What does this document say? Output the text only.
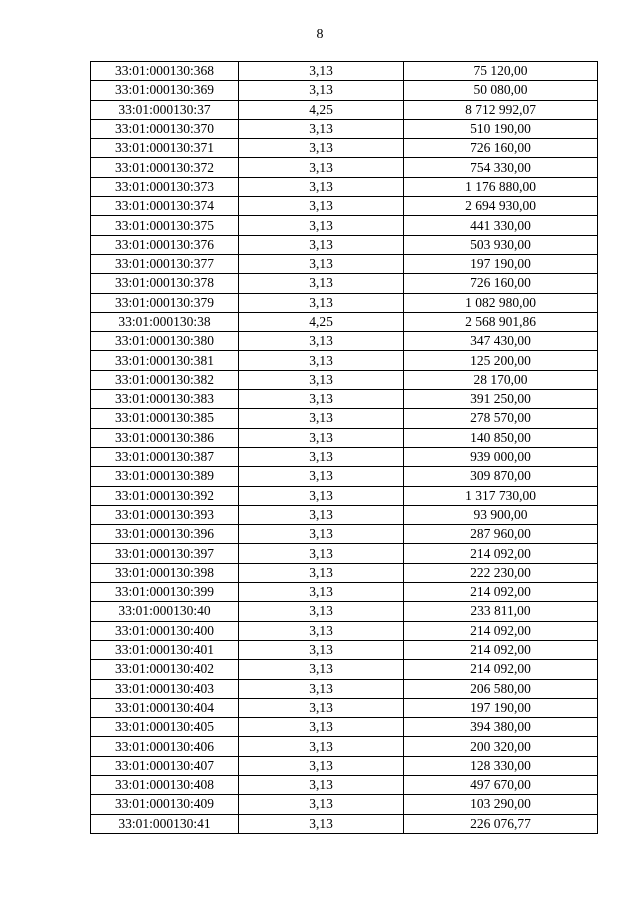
8
33:01:000130:368	3,13	75 120,00
33:01:000130:369	3,13	50 080,00
33:01:000130:37	4,25	8 712 992,07
33:01:000130:370	3,13	510 190,00
33:01:000130:371	3,13	726 160,00
33:01:000130:372	3,13	754 330,00
33:01:000130:373	3,13	1 176 880,00
33:01:000130:374	3,13	2 694 930,00
33:01:000130:375	3,13	441 330,00
33:01:000130:376	3,13	503 930,00
33:01:000130:377	3,13	197 190,00
33:01:000130:378	3,13	726 160,00
33:01:000130:379	3,13	1 082 980,00
33:01:000130:38	4,25	2 568 901,86
33:01:000130:380	3,13	347 430,00
33:01:000130:381	3,13	125 200,00
33:01:000130:382	3,13	28 170,00
33:01:000130:383	3,13	391 250,00
33:01:000130:385	3,13	278 570,00
33:01:000130:386	3,13	140 850,00
33:01:000130:387	3,13	939 000,00
33:01:000130:389	3,13	309 870,00
33:01:000130:392	3,13	1 317 730,00
33:01:000130:393	3,13	93 900,00
33:01:000130:396	3,13	287 960,00
33:01:000130:397	3,13	214 092,00
33:01:000130:398	3,13	222 230,00
33:01:000130:399	3,13	214 092,00
33:01:000130:40	3,13	233 811,00
33:01:000130:400	3,13	214 092,00
33:01:000130:401	3,13	214 092,00
33:01:000130:402	3,13	214 092,00
33:01:000130:403	3,13	206 580,00
33:01:000130:404	3,13	197 190,00
33:01:000130:405	3,13	394 380,00
33:01:000130:406	3,13	200 320,00
33:01:000130:407	3,13	128 330,00
33:01:000130:408	3,13	497 670,00
33:01:000130:409	3,13	103 290,00
33:01:000130:41	3,13	226 076,77
